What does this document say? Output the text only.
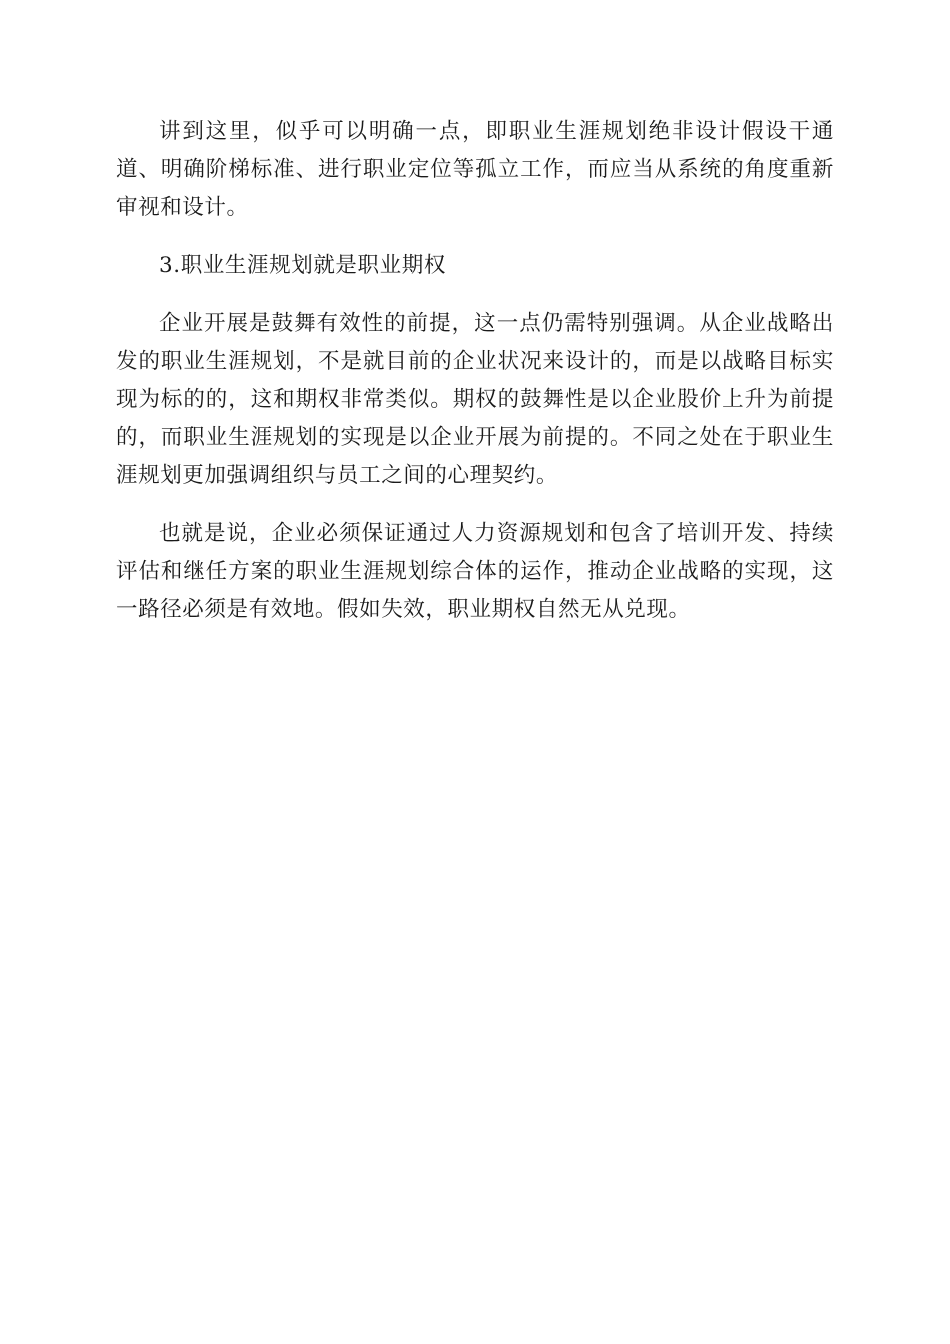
讲到这里，似乎可以明确一点，即职业生涯规划绝非设计假设干通道、明确阶梯标准、进行职业定位等孤立工作，而应当从系统的角度重新审视和设计。

3.职业生涯规划就是职业期权

企业开展是鼓舞有效性的前提，这一点仍需特别强调。从企业战略出发的职业生涯规划，不是就目前的企业状况来设计的，而是以战略目标实现为标的的，这和期权非常类似。期权的鼓舞性是以企业股价上升为前提的，而职业生涯规划的实现是以企业开展为前提的。不同之处在于职业生涯规划更加强调组织与员工之间的心理契约。

也就是说，企业必须保证通过人力资源规划和包含了培训开发、持续评估和继任方案的职业生涯规划综合体的运作，推动企业战略的实现，这一路径必须是有效地。假如失效，职业期权自然无从兑现。
